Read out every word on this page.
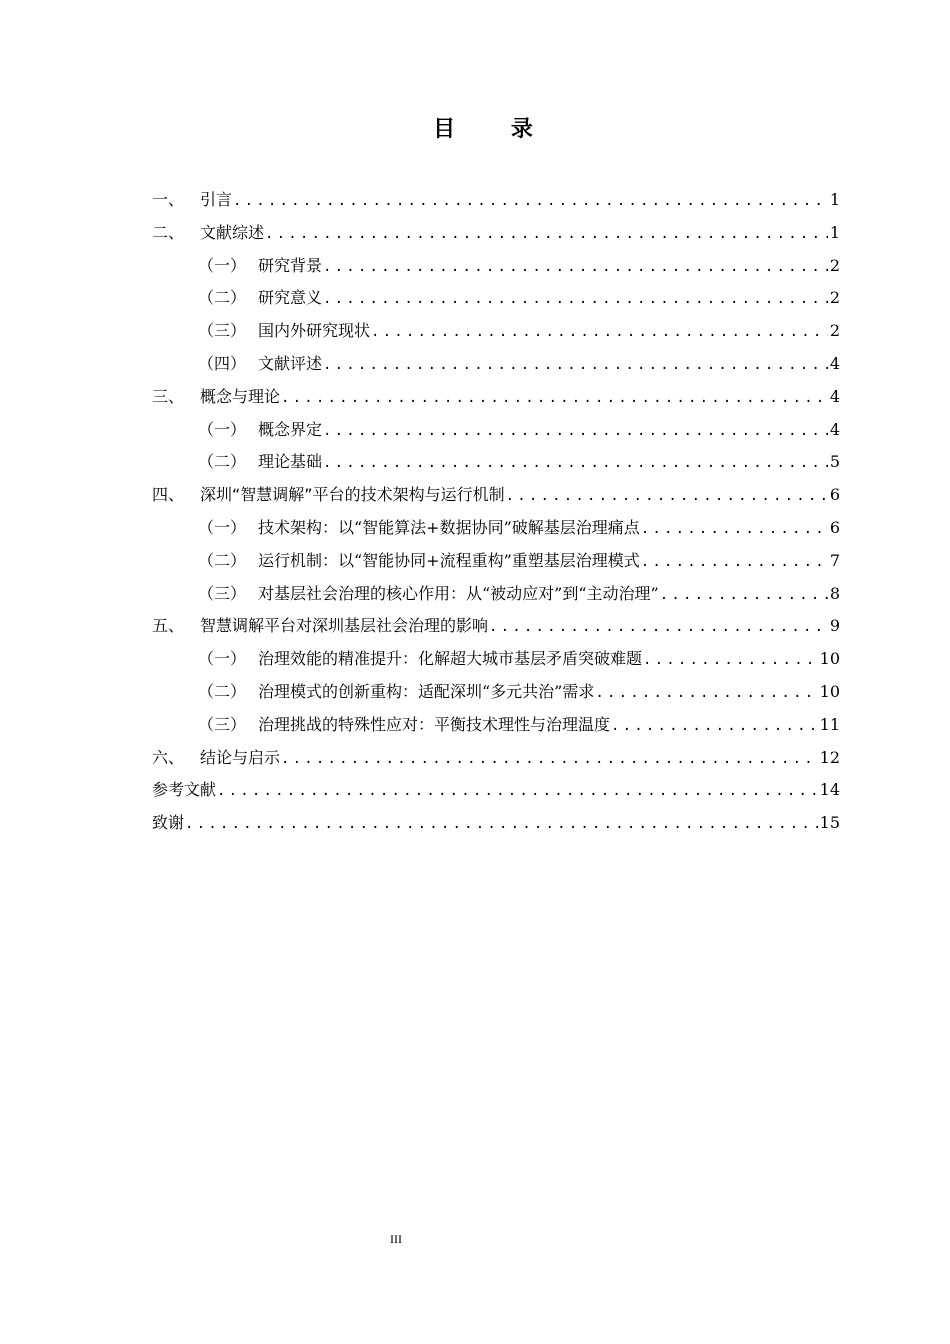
目 录
一、 引言 .....	1
二、 文献综述 .....	1
（一） 研究背景 .....	2
（二） 研究意义 .....	2
（三） 国内外研究现状 .....	2
（四） 文献评述 .....	4
三、 概念与理论 .....	4
（一） 概念界定 .....	4
（二） 理论基础 .....	5
四、 深圳“智慧调解”平台的技术架构与运行机制 .....	6
（一） 技术架构：以“智能算法+数据协同”破解基层治理痛点 .....	6
（二） 运行机制：以“智能协同+流程重构”重塑基层治理模式 .....	7
（三） 对基层社会治理的核心作用：从“被动应对”到“主动治理” .....	8
五、 智慧调解平台对深圳基层社会治理的影响 .....	9
（一） 治理效能的精准提升：化解超大城市基层矛盾突破难题 .....	10
（二） 治理模式的创新重构：适配深圳“多元共治”需求 .....	10
（三） 治理挑战的特殊性应对：平衡技术理性与治理温度 .....	11
六、 结论与启示 .....	12
参考文献 .....	14
致谢 .....	15
III
